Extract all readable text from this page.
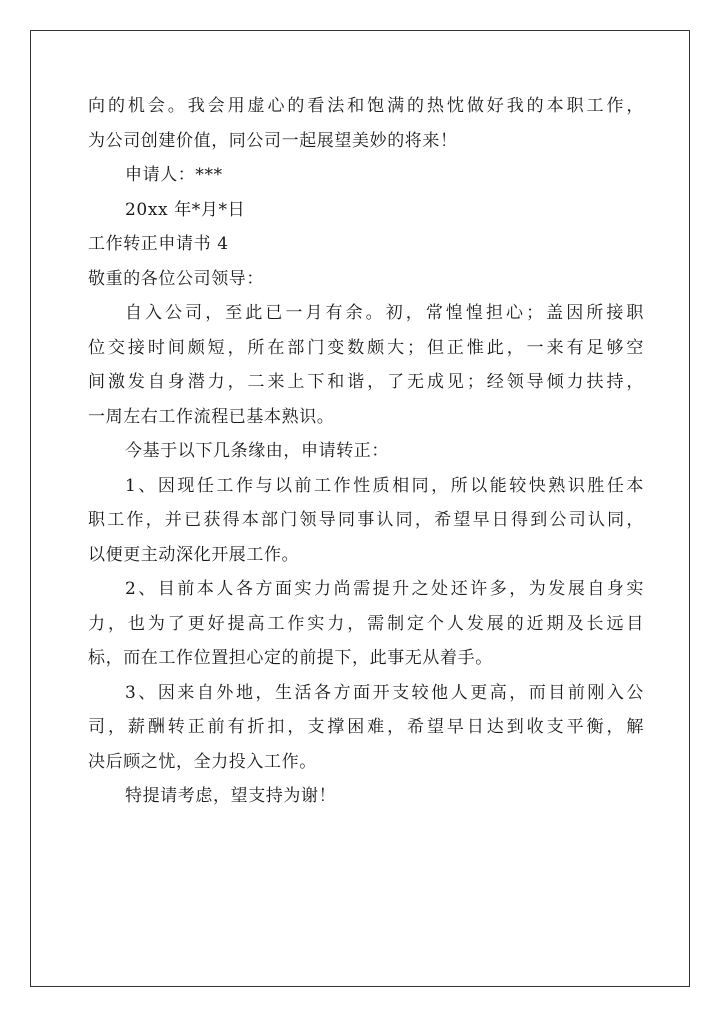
向的机会。我会用虚心的看法和饱满的热忱做好我的本职工作，
为公司创建价值，同公司一起展望美妙的将来！
申请人：***
20xx 年*月*日
工作转正申请书 4
敬重的各位公司领导：
自入公司，至此已一月有余。初，常惶惶担心；盖因所接职
位交接时间颇短，所在部门变数颇大；但正惟此，一来有足够空
间激发自身潜力，二来上下和谐，了无成见；经领导倾力扶持，
一周左右工作流程已基本熟识。
今基于以下几条缘由，申请转正：
1、因现任工作与以前工作性质相同，所以能较快熟识胜任本
职工作，并已获得本部门领导同事认同，希望早日得到公司认同，
以便更主动深化开展工作。
2、目前本人各方面实力尚需提升之处还许多，为发展自身实
力，也为了更好提高工作实力，需制定个人发展的近期及长远目
标，而在工作位置担心定的前提下，此事无从着手。
3、因来自外地，生活各方面开支较他人更高，而目前刚入公
司，薪酬转正前有折扣，支撑困难，希望早日达到收支平衡，解
决后顾之忧，全力投入工作。
特提请考虑，望支持为谢！
